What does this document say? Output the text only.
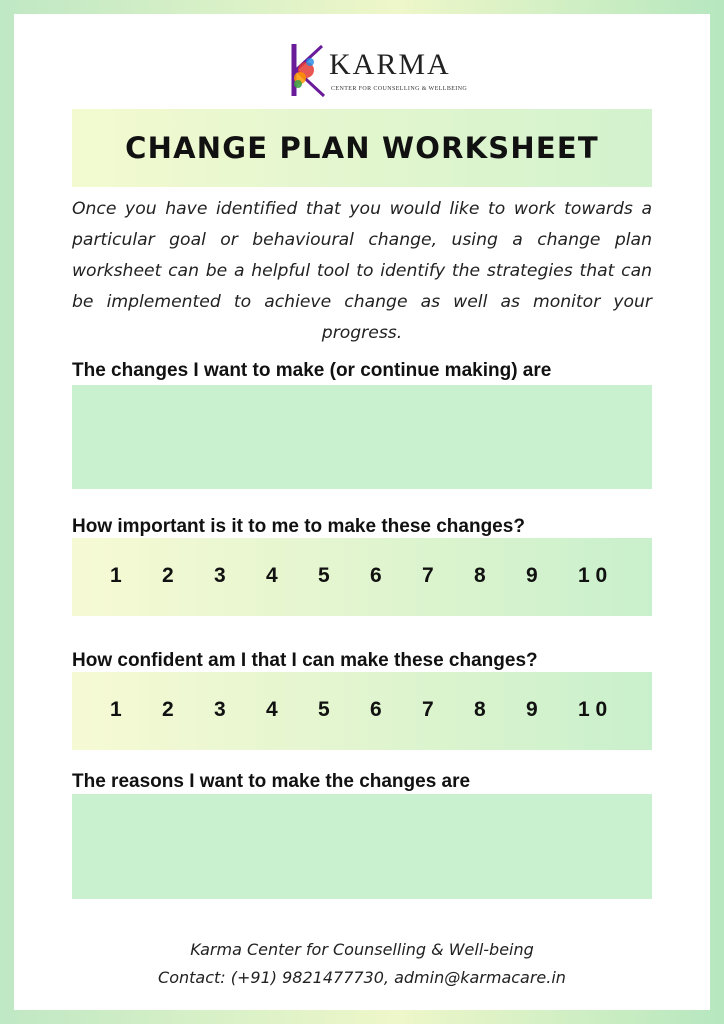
KARMA
CENTER FOR COUNSELLING & WELLBEING
CHANGE PLAN WORKSHEET

Once you have identified that you would like to work towards a particular goal or behavioural change, using a change plan worksheet can be a helpful tool to identify the strategies that can be implemented to achieve change as well as monitor your progress.

The changes I want to make (or continue making) are
How important is it to me to make these changes?
1 2 3 4 5 6 7 8 9 1 0
How confident am I that I can make these changes?
1 2 3 4 5 6 7 8 9 1 0
The reasons I want to make the changes are
Karma Center for Counselling & Well-being
Contact: (+91) 9821477730, admin@karmacare.in
